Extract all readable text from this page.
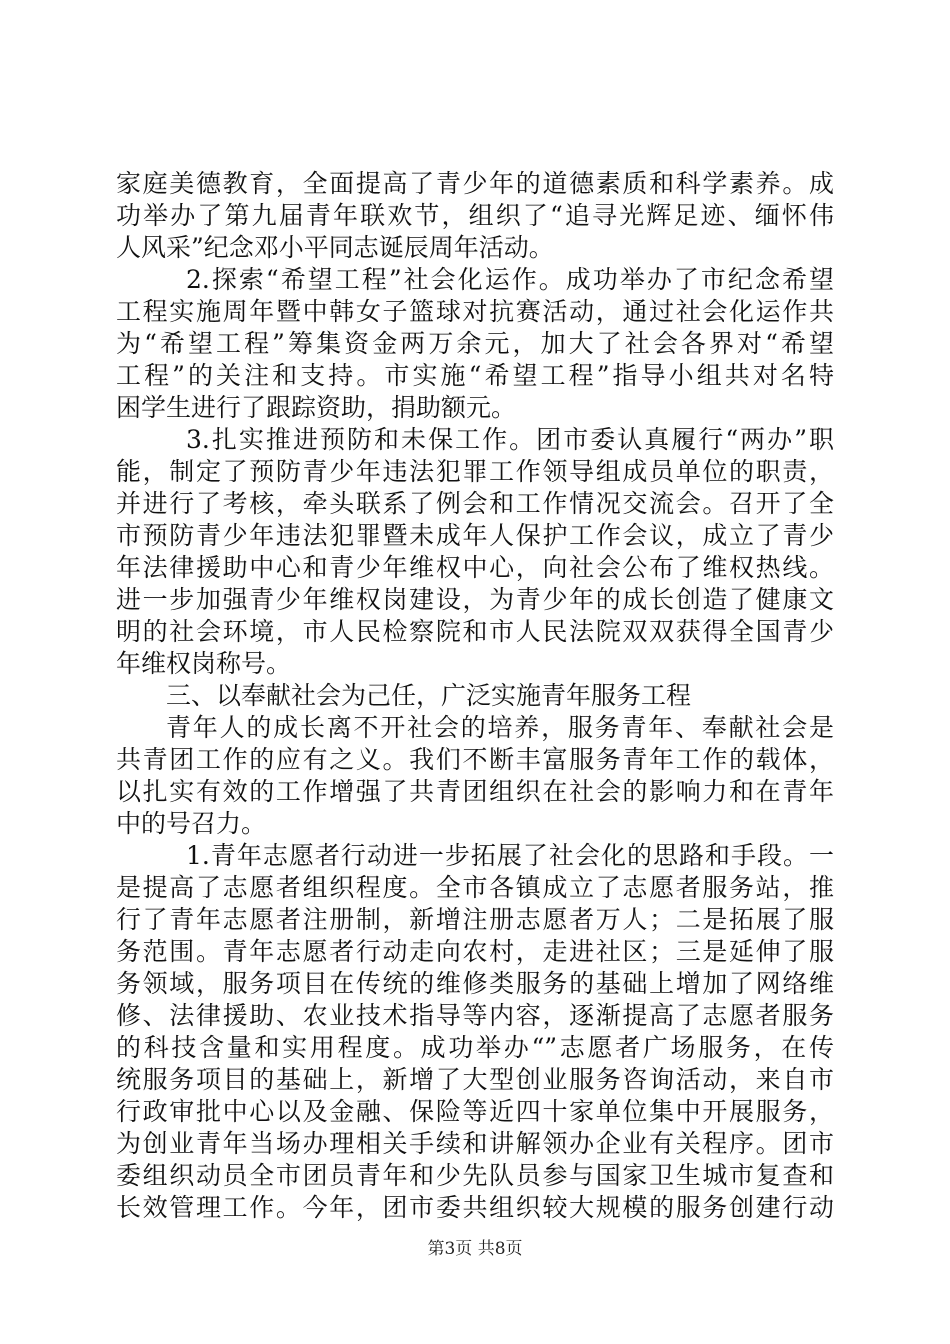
家庭美德教育，全面提高了青少年的道德素质和科学素养。成
功举办了第九届青年联欢节，组织了“追寻光辉足迹、缅怀伟
人风采”纪念邓小平同志诞辰周年活动。
2.探索“希望工程”社会化运作。成功举办了市纪念希望
工程实施周年暨中韩女子篮球对抗赛活动，通过社会化运作共
为“希望工程”筹集资金两万余元，加大了社会各界对“希望
工程”的关注和支持。市实施“希望工程”指导小组共对名特
困学生进行了跟踪资助，捐助额元。
3.扎实推进预防和未保工作。团市委认真履行“两办”职
能，制定了预防青少年违法犯罪工作领导组成员单位的职责，
并进行了考核，牵头联系了例会和工作情况交流会。召开了全
市预防青少年违法犯罪暨未成年人保护工作会议，成立了青少
年法律援助中心和青少年维权中心，向社会公布了维权热线。
进一步加强青少年维权岗建设，为青少年的成长创造了健康文
明的社会环境，市人民检察院和市人民法院双双获得全国青少
年维权岗称号。
三、以奉献社会为己任，广泛实施青年服务工程
青年人的成长离不开社会的培养，服务青年、奉献社会是
共青团工作的应有之义。我们不断丰富服务青年工作的载体，
以扎实有效的工作增强了共青团组织在社会的影响力和在青年
中的号召力。
1.青年志愿者行动进一步拓展了社会化的思路和手段。一
是提高了志愿者组织程度。全市各镇成立了志愿者服务站，推
行了青年志愿者注册制，新增注册志愿者万人；二是拓展了服
务范围。青年志愿者行动走向农村，走进社区；三是延伸了服
务领域，服务项目在传统的维修类服务的基础上增加了网络维
修、法律援助、农业技术指导等内容，逐渐提高了志愿者服务
的科技含量和实用程度。成功举办“”志愿者广场服务，在传
统服务项目的基础上，新增了大型创业服务咨询活动，来自市
行政审批中心以及金融、保险等近四十家单位集中开展服务，
为创业青年当场办理相关手续和讲解领办企业有关程序。团市
委组织动员全市团员青年和少先队员参与国家卫生城市复查和
长效管理工作。今年，团市委共组织较大规模的服务创建行动
第3页 共8页
